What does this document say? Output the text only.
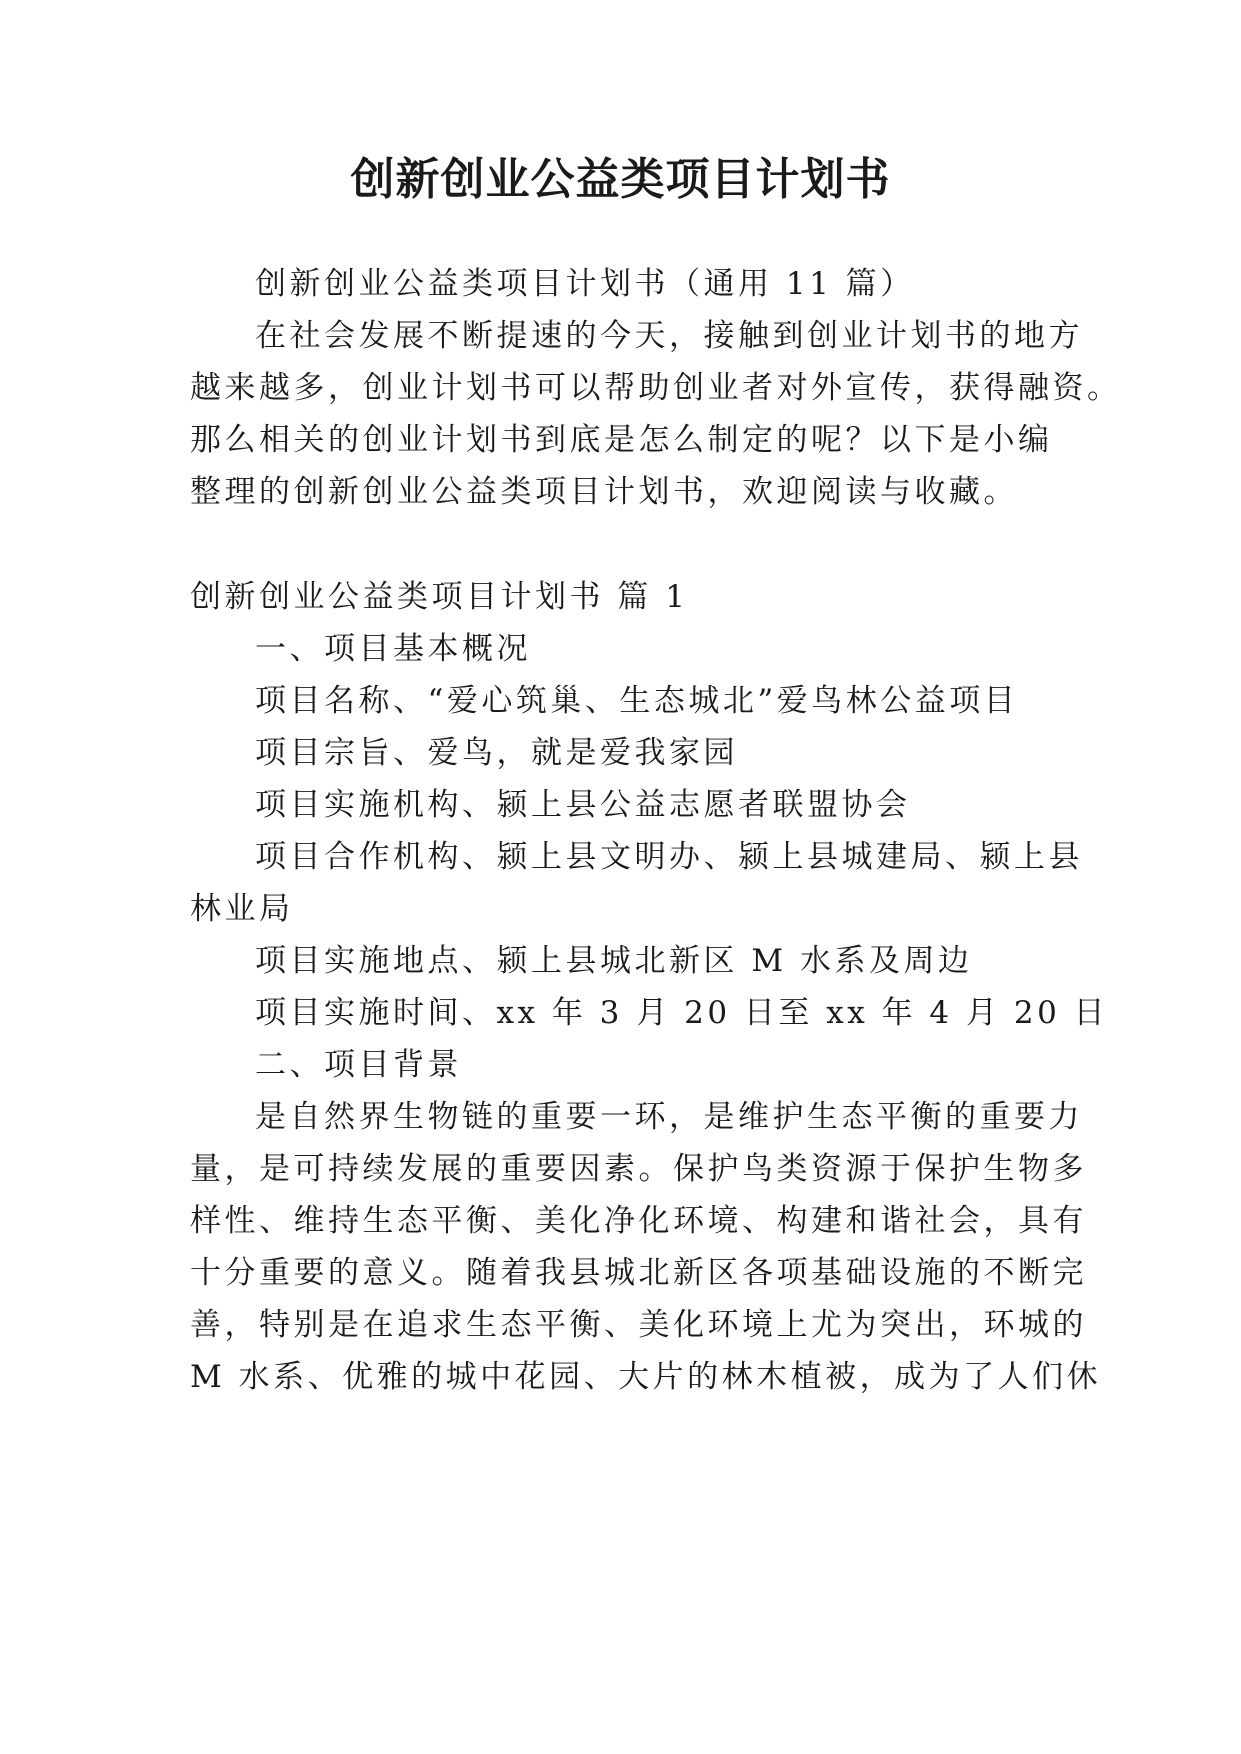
创新创业公益类项目计划书
创新创业公益类项目计划书（通用 11 篇）
在社会发展不断提速的今天，接触到创业计划书的地方
越来越多，创业计划书可以帮助创业者对外宣传，获得融资。
那么相关的创业计划书到底是怎么制定的呢？以下是小编
整理的创新创业公益类项目计划书，欢迎阅读与收藏。
创新创业公益类项目计划书 篇 1
一、项目基本概况
项目名称、“爱心筑巢、生态城北”爱鸟林公益项目
项目宗旨、爱鸟，就是爱我家园
项目实施机构、颍上县公益志愿者联盟协会
项目合作机构、颍上县文明办、颍上县城建局、颍上县
林业局
项目实施地点、颍上县城北新区 M 水系及周边
项目实施时间、xx 年 3 月 20 日至 xx 年 4 月 20 日
二、项目背景
是自然界生物链的重要一环，是维护生态平衡的重要力
量，是可持续发展的重要因素。保护鸟类资源于保护生物多
样性、维持生态平衡、美化净化环境、构建和谐社会，具有
十分重要的意义。随着我县城北新区各项基础设施的不断完
善，特别是在追求生态平衡、美化环境上尤为突出，环城的
M 水系、优雅的城中花园、大片的林木植被，成为了人们休
